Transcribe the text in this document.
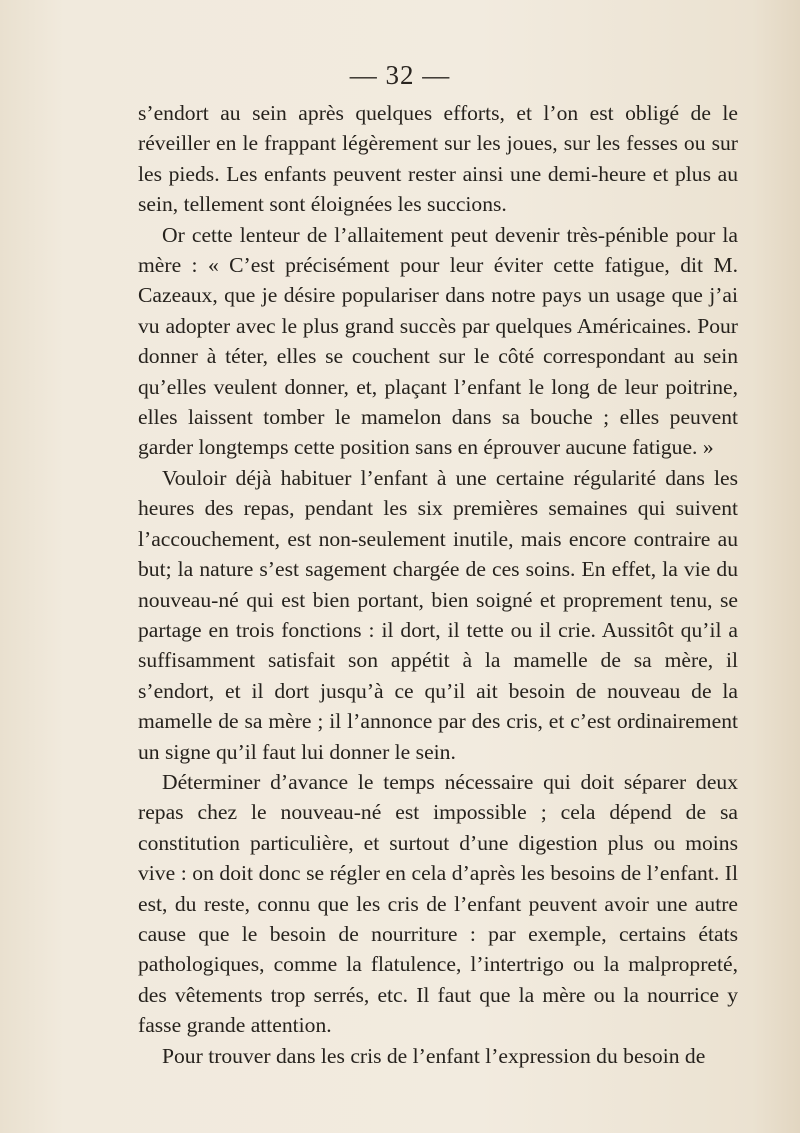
— 32 —

s’endort au sein après quelques efforts, et l’on est obligé de le réveiller en le frappant légèrement sur les joues, sur les fesses ou sur les pieds. Les enfants peuvent rester ainsi une demi-heure et plus au sein, tellement sont éloignées les succions.

Or cette lenteur de l’allaitement peut devenir très-pénible pour la mère : « C’est précisément pour leur éviter cette fatigue, dit M. Cazeaux, que je désire populariser dans notre pays un usage que j’ai vu adopter avec le plus grand succès par quelques Américaines. Pour donner à téter, elles se couchent sur le côté correspondant au sein qu’elles veulent donner, et, plaçant l’enfant le long de leur poitrine, elles laissent tomber le mamelon dans sa bouche ; elles peuvent garder longtemps cette position sans en éprouver aucune fatigue. »

Vouloir déjà habituer l’enfant à une certaine régularité dans les heures des repas, pendant les six premières semaines qui suivent l’accouchement, est non-seulement inutile, mais encore contraire au but; la nature s’est sagement chargée de ces soins. En effet, la vie du nouveau-né qui est bien portant, bien soigné et proprement tenu, se partage en trois fonctions : il dort, il tette ou il crie. Aussitôt qu’il a suffisamment satisfait son appétit à la mamelle de sa mère, il s’endort, et il dort jusqu’à ce qu’il ait besoin de nouveau de la mamelle de sa mère ; il l’annonce par des cris, et c’est ordinairement un signe qu’il faut lui donner le sein.

Déterminer d’avance le temps nécessaire qui doit séparer deux repas chez le nouveau-né est impossible ; cela dépend de sa constitution particulière, et surtout d’une digestion plus ou moins vive : on doit donc se régler en cela d’après les besoins de l’enfant. Il est, du reste, connu que les cris de l’enfant peuvent avoir une autre cause que le besoin de nourriture : par exemple, certains états pathologiques, comme la flatulence, l’intertrigo ou la malpropreté, des vêtements trop serrés, etc. Il faut que la mère ou la nourrice y fasse grande attention.

Pour trouver dans les cris de l’enfant l’expression du besoin de
